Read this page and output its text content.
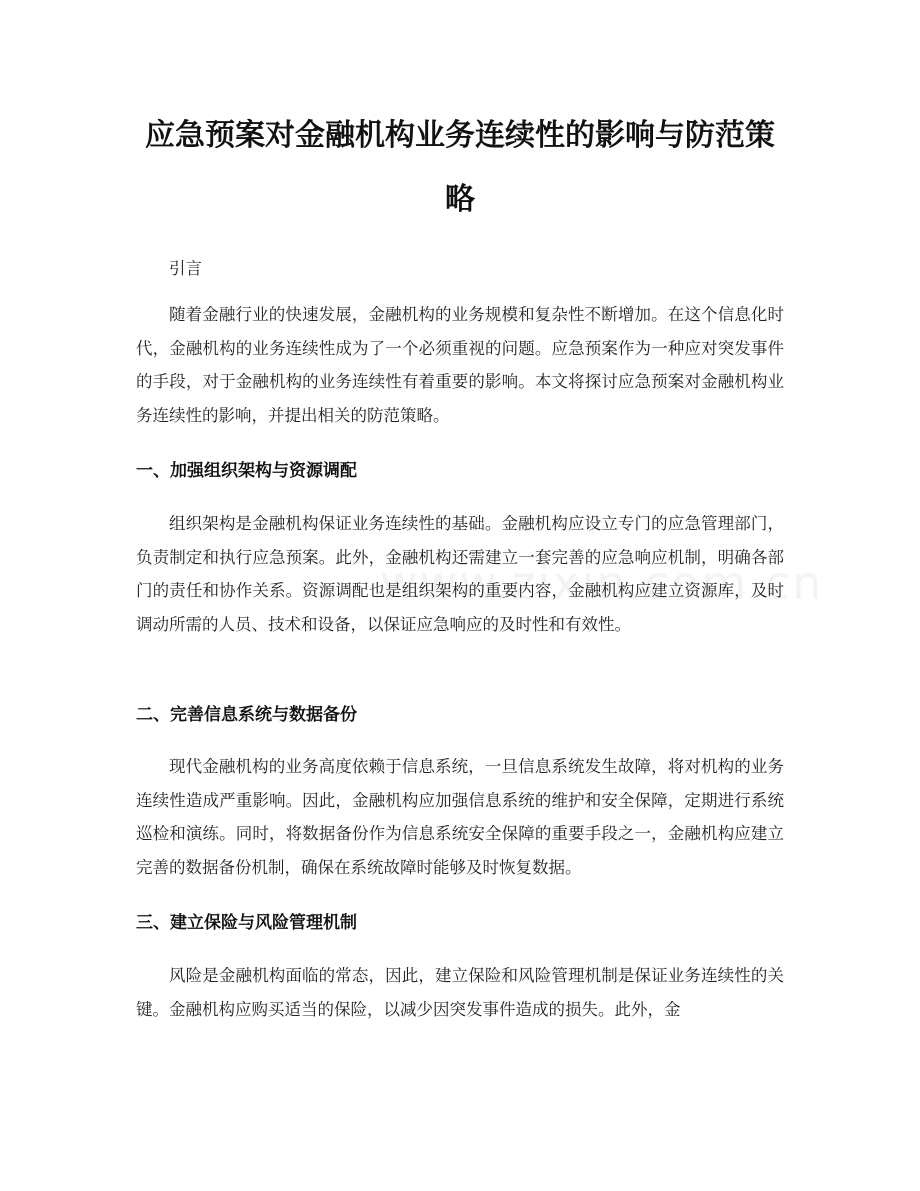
应急预案对金融机构业务连续性的影响与防范策略

引言

随着金融行业的快速发展，金融机构的业务规模和复杂性不断增加。在这个信息化时代，金融机构的业务连续性成为了一个必须重视的问题。应急预案作为一种应对突发事件的手段，对于金融机构的业务连续性有着重要的影响。本文将探讨应急预案对金融机构业务连续性的影响，并提出相关的防范策略。

一、加强组织架构与资源调配

组织架构是金融机构保证业务连续性的基础。金融机构应设立专门的应急管理部门，负责制定和执行应急预案。此外，金融机构还需建立一套完善的应急响应机制，明确各部门的责任和协作关系。资源调配也是组织架构的重要内容，金融机构应建立资源库，及时调动所需的人员、技术和设备，以保证应急响应的及时性和有效性。

二、完善信息系统与数据备份

现代金融机构的业务高度依赖于信息系统，一旦信息系统发生故障，将对机构的业务连续性造成严重影响。因此，金融机构应加强信息系统的维护和安全保障，定期进行系统巡检和演练。同时，将数据备份作为信息系统安全保障的重要手段之一，金融机构应建立完善的数据备份机制，确保在系统故障时能够及时恢复数据。

三、建立保险与风险管理机制

风险是金融机构面临的常态，因此，建立保险和风险管理机制是保证业务连续性的关键。金融机构应购买适当的保险，以减少因突发事件造成的损失。此外，金
